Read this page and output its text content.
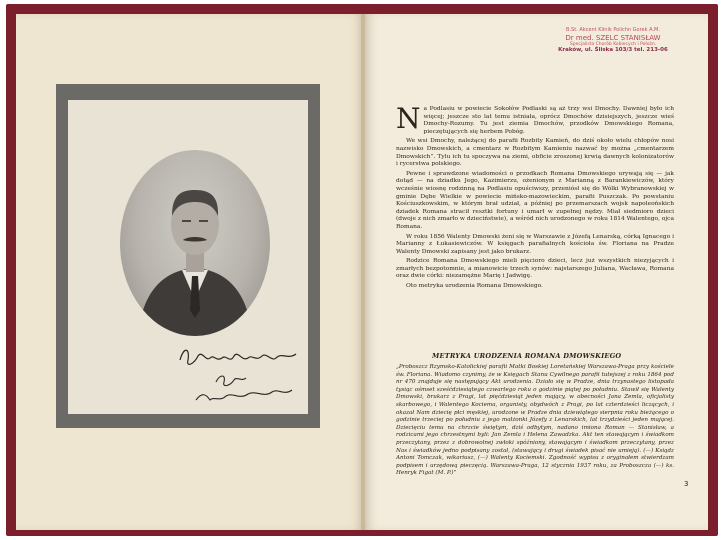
B.St. Akcent Klinik Polichn Gorek A.M.
Dr med. SZELC STANISŁAW
Specjalista Chorób Kobiecych i Położn.
Kraków, ul. Śliska 103/3 tel. 213-06

Na Podlasiu w powiecie Sokołów Podlaski są aż trzy wsi Dmochy. Dawniej było ich więcej; jeszcze sto lat temu istniała, oprócz Dmochów dzisiejszych, jeszcze wieś Dmochy-Rozumy. Tu jest ziemia Dmochów, przodków Dmowskiego Romana, pieczętujących się herbem Pobóg.

We wsi Dmochy, należącej do parafii Rozbity Kamień, do dziś około wielu chłopów nosi nazwisko Dmowskich, a cmentarz w Rozbitym Kamieniu nazwać by można „cmentarzem Dmowskich”. Tylu ich tu spoczywa na ziemi, obficie zroszonej krwią dawnych kolonizatorów i rycerstwa polskiego.

Pewne i sprawdzone wiadomości o przodkach Romana Dmowskiego urywają się — jak dotąd — na dziadku Jego, Kazimierzu, ożenionym z Marianną z Barankiewiczów, który wcześnie wiosnę rodzinną na Podlasiu opuściwszy, przeniósł się do Wólki Wybranowskiej w gminie Dębe Wielkie w powiecie mińsko-mazowieckim, parafii Puszczak. Po powstaniu Kościuszkowskim, w którym brał udział, a później po przemarszach wojsk napoleońskich dziadek Romana stracił resztki fortuny i umarł w zupełnej nędzy. Miał siedmioro dzieci (dwoje z nich zmarło w dzieciństwie), a wśród nich urodzonego w roku 1814 Walentego, ojca Romana.

W roku 1856 Walenty Dmowski żeni się w Warszawie z Józefą Lenarską, córką Ignacego i Marianny z Łukasiewiczów. W księgach parafialnych kościoła św. Floriana na Pradze Walenty Dmowski zapisany jest jako brukarz.

Rodzice Romana Dmowskiego mieli pięcioro dzieci, lecz już wszystkich niezyjących i zmarłych bezpotomnie, a mianowicie trzech synów: najstarszego Juliana, Wacława, Romana oraz dwie córki: niezamężne Marię i Jadwigę.

Oto metryka urodzenia Romana Dmowskiego.

METRYKA URODZENIA ROMANA DMOWSKIEGO
„Proboszcz Rzymsko-Katolickiej parafii Matki Boskiej Loretańskiej Warszawa-Praga przy kościele św. Floriana. Wiadomo czynimy, że w Księgach Stanu Cywilnego parafii tutejszej z roku 1864 pod nr 470 znajduje się następujący Akt urodzenia. Działo się w Pradze, dnia trzynastego listopada tysiąc ośmset sześćdziesiątego czwartego roku o godzinie piątej po południu. Stawił się Walenty Dmowski, brukarz z Pragi, lat pięćdziesiąt jeden mający, w obecności Jana Zemla, oficjalisty skarbowego, i Walentego Kociema, organisty, obydwóch z Pragi, po lat czterdzieści liczących, i okazał Nam dziecię płci męskiej, urodzone w Pradze dnia dziewiątego sierpnia roku bieżącego o godzinie trzeciej po południu z jego małżonki Józefy z Lenarskich, lat trzydzieści jeden mającej. Dziecięciu temu na chrzcie świętym, dziś odbytym, nadano imiona Roman — Stanisław, a rodzicami jego chrzestnymi byli: Jan Zemla i Helena Zawadzka. Akt ten stawającym i świadkom przeczytany, przez z dobrowolnej zwłoki spóźniony, stawającym i świadkom przeczytany, przez Nas i świadków jedno podpisany został, (stawający i drugi świadek pisać nie umieją). (—) Ksiądz Antoni Tomczak, wikariusz, (—) Walenty Kociemski. Zgodność wypisu z oryginałem stwierdzam podpisem i urzędową pieczęcią. Warszawa-Praga, 12 stycznia 1937 roku, za Proboszcza (—) ks. Henryk Figat (M. P.)”
3
